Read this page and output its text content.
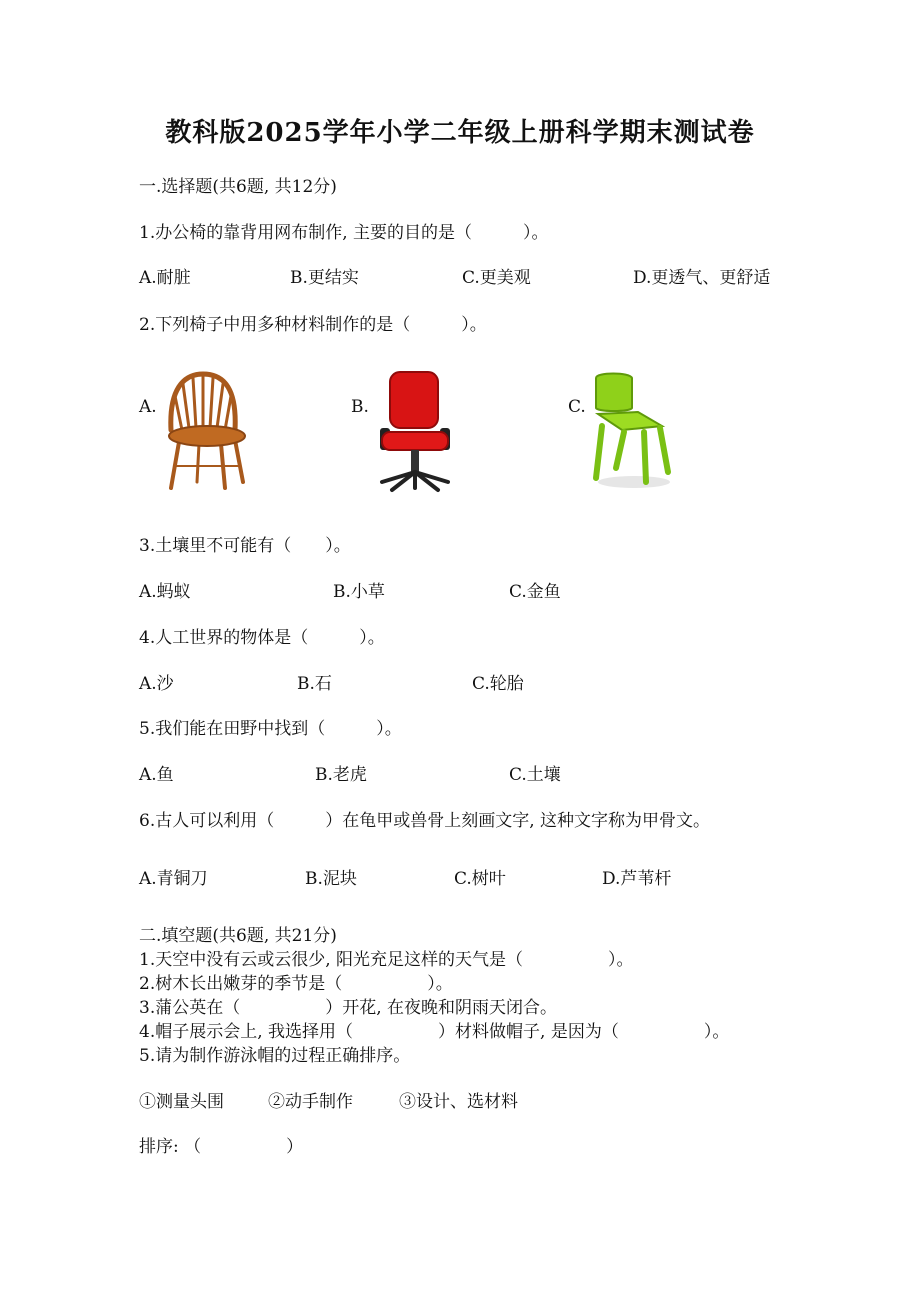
教科版2025学年小学二年级上册科学期末测试卷
一.选择题(共6题, 共12分)
1.办公椅的靠背用网布制作, 主要的目的是（　　　）。
A.耐脏	B.更结实	C.更美观	D.更透气、更舒适
2.下列椅子中用多种材料制作的是（　　　）。
A.	B.	C.
3.土壤里不可能有（　　）。
A.蚂蚁	B.小草	C.金鱼
4.人工世界的物体是（　　　）。
A.沙	B.石	C.轮胎
5.我们能在田野中找到（　　　）。
A.鱼	B.老虎	C.土壤
6.古人可以利用（　　　）在龟甲或兽骨上刻画文字, 这种文字称为甲骨文。
A.青铜刀	B.泥块	C.树叶	D.芦苇杆
二.填空题(共6题, 共21分)
1.天空中没有云或云很少, 阳光充足这样的天气是（　　　　　）。
2.树木长出嫩芽的季节是（　　　　　）。
3.蒲公英在（　　　　　）开花, 在夜晚和阴雨天闭合。
4.帽子展示会上, 我选择用（　　　　　）材料做帽子, 是因为（　　　　　）。
5.请为制作游泳帽的过程正确排序。
①测量头围	②动手制作	③设计、选材料
排序: （　　　　　）
